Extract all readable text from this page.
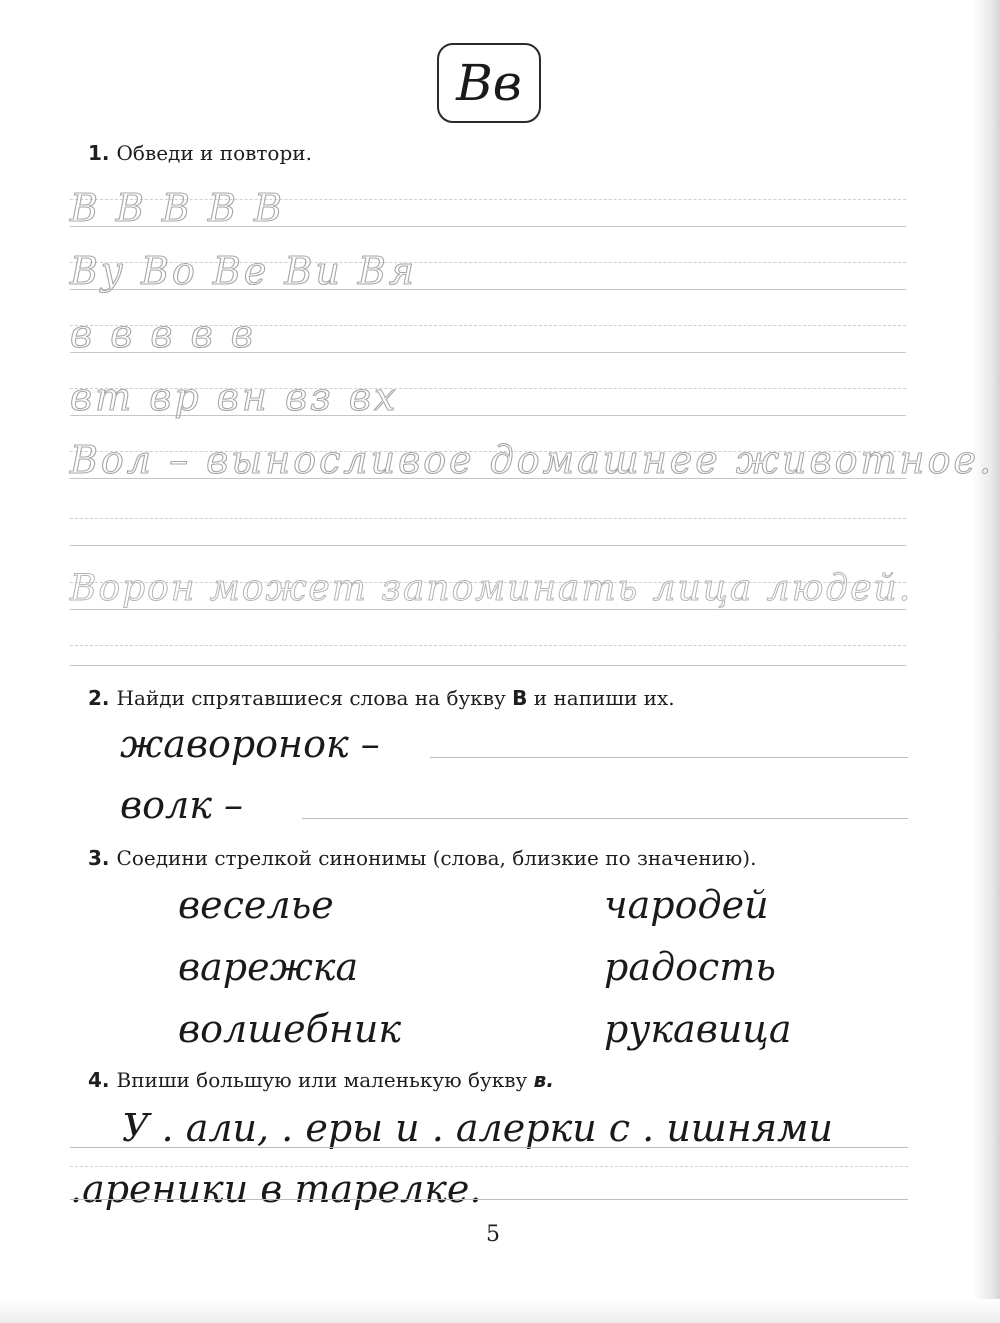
Вв
1. Обведи и повтори.
В В В В В
Ву Во Ве Ви Вя
в в в в в
вт вр вн вз вх
Вол – выносливое домашнее животное.
Ворон может запоминать лица людей.
2. Найди спрятавшиеся слова на букву В и напиши их.
жаворонок –
волк –
3. Соедини стрелкой синонимы (слова, близкие по значению).
веселье
варежка
волшебник
чародей
радость
рукавица
4. Впиши большую или маленькую букву в.
У . али, . еры и . алерки с . ишнями
.ареники в тарелке.
5
